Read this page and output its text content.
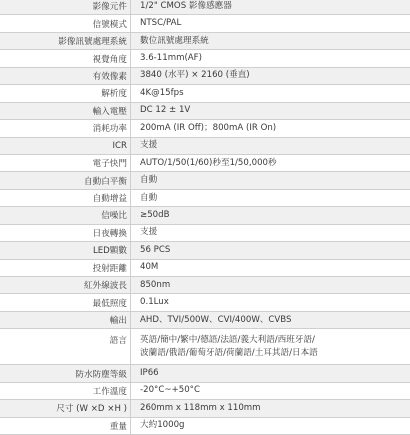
影像元件	1/2" CMOS 影像感應器
信號模式	NTSC/PAL
影像訊號處理系統	數位訊號處理系統
視覺角度	3.6-11mm(AF)
有效像素	3840 (水平) × 2160 (垂直)
解析度	4K@15fps
輸入電壓	DC 12 ± 1V
消耗功率	200mA (IR Off)；800mA (IR On)
ICR	支援
電子快門	AUTO/1/50(1/60)秒至1/50,000秒
自動白平衡	自動
自動增益	自動
信噪比	≥50dB
日夜轉換	支援
LED顆數	56 PCS
投射距離	40M
紅外線波長	850nm
最低照度	0.1Lux
輸出	AHD、TVI/500W、CVI/400W、CVBS
語言	英語/簡中/繁中/德語/法語/義大利語/西班牙語/
波蘭語/俄語/葡萄牙語/荷蘭語/土耳其語/日本語
防水防塵等級	IP66
工作溫度	-20°C~+50°C
尺寸 (W ×D ×H )	260mm x 118mm x 110mm
重量	大約1000g
